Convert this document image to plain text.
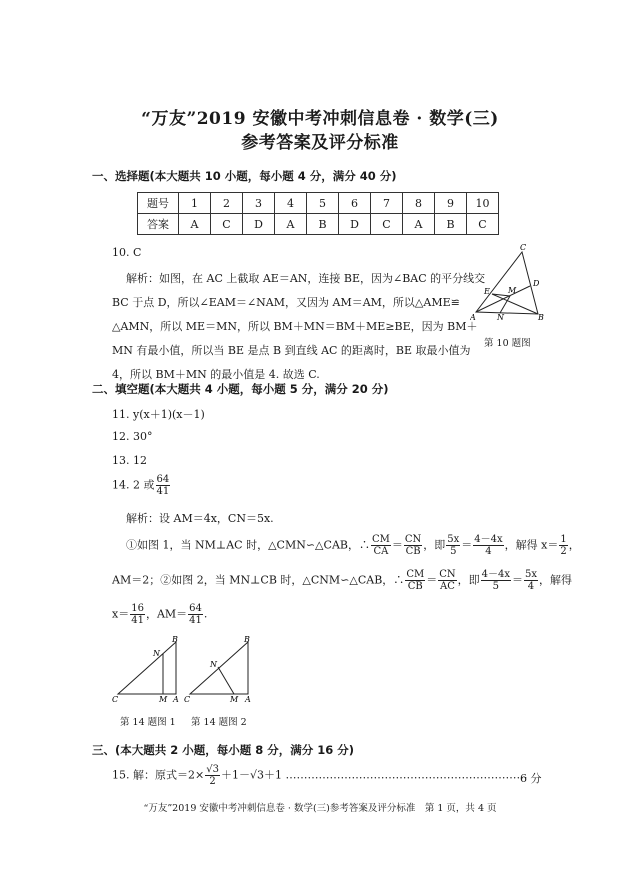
“万友”2019 安徽中考冲刺信息卷 · 数学(三)
参考答案及评分标准
一、选择题(本大题共 10 小题，每小题 4 分，满分 40 分)
题号	1	2	3	4	5	6	7	8	9	10
答案	A	C	D	A	B	D	C	A	B	C
10. C
解析：如图，在 AC 上截取 AE＝AN，连接 BE，因为∠BAC 的平分线交
BC 于点 D，所以∠EAM＝∠NAM，又因为 AM＝AM，所以△AME≌
△AMN，所以 ME＝MN，所以 BM＋MN＝BM＋ME≥BE，因为 BM＋
MN 有最小值，所以当 BE 是点 B 到直线 AC 的距离时，BE 取最小值为
4，所以 BM＋MN 的最小值是 4. 故选 C.
C
D
E M
A	N	B
第 10 题图
二、填空题(本大题共 4 小题，每小题 5 分，满分 20 分)
11. y(x＋1)(x－1)
12. 30°
13. 12
14. 2 或 $\frac{64}{41}$
解析：设 AM＝4x，CN＝5x.
①如图 1，当 NM⊥AC 时，△CMN∽△CAB，∴ $\frac{CM}{CA} = \frac{CN}{CB}$ ，即 $\frac{5x}{5} = \frac{4-4x}{4}$ ，解得 $x= \frac{1}{2}$ ，
AM＝2；②如图 2，当 MN⊥CB 时，△CNM∽△CAB，∴ $\frac{CM}{CB} = \frac{CN}{AC}$ ，即 $\frac{4-4x}{5} = \frac{5x}{4}$ ，解得
$x= \frac{16}{41}$ ，$AM= \frac{64}{41}$ .
B
N
C	M A
B
N
C	M A
第 14 题图 1 第 14 题图 2
三、(本大题共 2 小题，每小题 8 分，满分 16 分)
15. 解：原式$=2\times \frac{√3}{2} +1-√3+1$ …………………………………………………………
6 分
“万友”2019 安徽中考冲刺信息卷 · 数学(三)参考答案及评分标准　第 1 页，共 4 页
